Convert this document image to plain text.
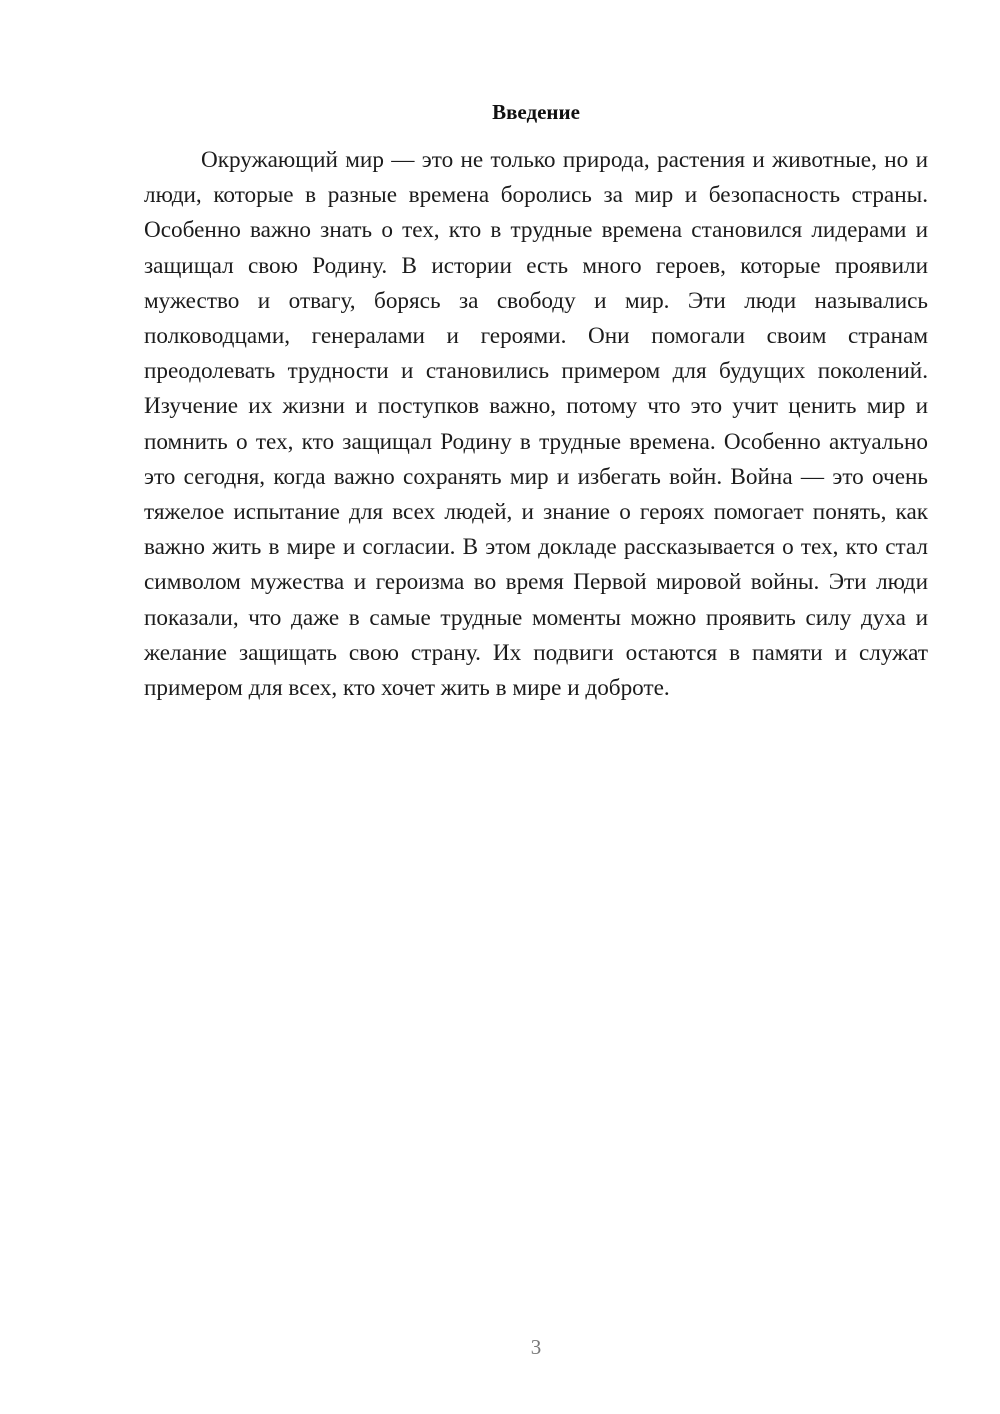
Введение

Окружающий мир — это не только природа, растения и животные, но и люди, которые в разные времена боролись за мир и безопасность страны. Особенно важно знать о тех, кто в трудные времена становился лидерами и защищал свою Родину. В истории есть много героев, которые проявили мужество и отвагу, борясь за свободу и мир. Эти люди назывались полководцами, генералами и героями. Они помогали своим странам преодолевать трудности и становились примером для будущих поколений. Изучение их жизни и поступков важно, потому что это учит ценить мир и помнить о тех, кто защищал Родину в трудные времена. Особенно актуально это сегодня, когда важно сохранять мир и избегать войн. Война — это очень тяжелое испытание для всех людей, и знание о героях помогает понять, как важно жить в мире и согласии. В этом докладе рассказывается о тех, кто стал символом мужества и героизма во время Первой мировой войны. Эти люди показали, что даже в самые трудные моменты можно проявить силу духа и желание защищать свою страну. Их подвиги остаются в памяти и служат примером для всех, кто хочет жить в мире и доброте.

3
